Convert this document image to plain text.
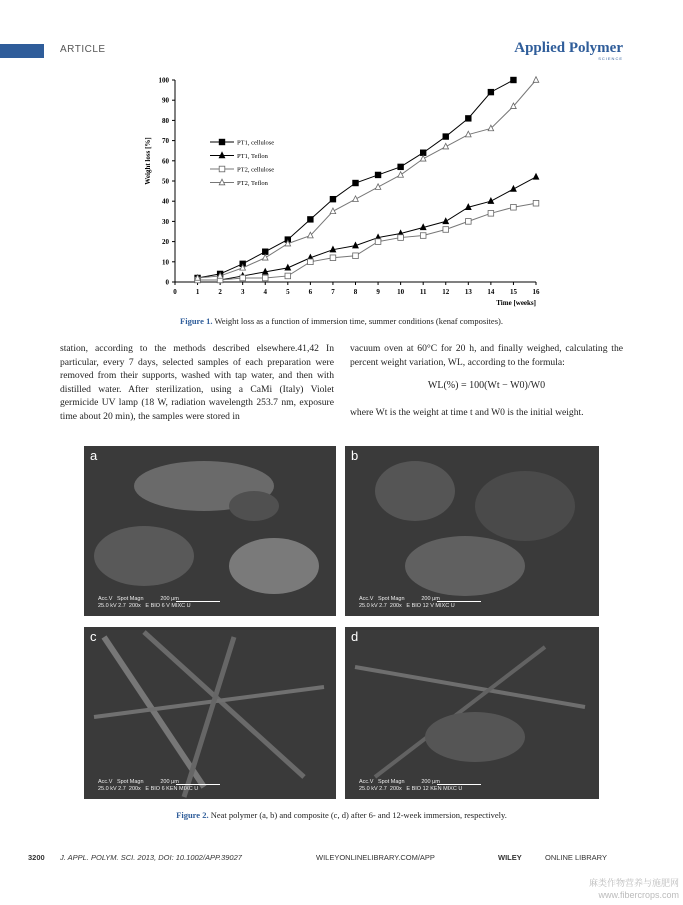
ARTICLE	Applied Polymer
SCIENCE
0
10
20
30
40
50
60
70
80
90
100
0	1	2	3	4	5	6	7	8	9 10 11 12 13 14 15 16
Time [weeks]
Weight loss [%]	PT1, cellulose
PT1, Teflon
PT2, cellulose
PT2, Teflon
Figure 1. Weight loss as a function of immersion time, summer conditions (kenaf composites).
station, according to the methods described elsewhere.41,42 In particular, every 7 days, selected samples of each preparation were removed from their supports, washed with tap water, and then with distilled water. After sterilization, using a CaMi (Italy) Violet germicide UV lamp (18 W, radiation wavelength 253.7 nm, exposure time about 20 min), the samples were stored in
vacuum oven at 60°C for 20 h, and finally weighed, calculating the percent weight variation, WL, according to the formula:
WL(%) = 100(Wt − W0)/W0
where Wt is the weight at time t and W0 is the initial weight.
a
Acc.V   Spot Magn           200 μm
25.0 kV 2.7  200x   E BIO 6 V MIXC U
b
Acc.V   Spot Magn           200 μm
25.0 kV 2.7  200x   E BIO 12 V MIXC U
c
Acc.V   Spot Magn           200 μm
25.0 kV 2.7  200x   E BIO 6 KEN MIXC U
d
Acc.V   Spot Magn           200 μm
25.0 kV 2.7  200x   E BIO 12 KEN MIXC U
Figure 2. Neat polymer (a, b) and composite (c, d) after 6- and 12-week immersion, respectively.
3200 J. APPL. POLYM. SCI. 2013, DOI: 10.1002/APP.39027	WILEYONLINELIBRARY.COM/APP	WILEY	ONLINE LIBRARY
麻类作物营养与施肥网
www.fibercrops.com
